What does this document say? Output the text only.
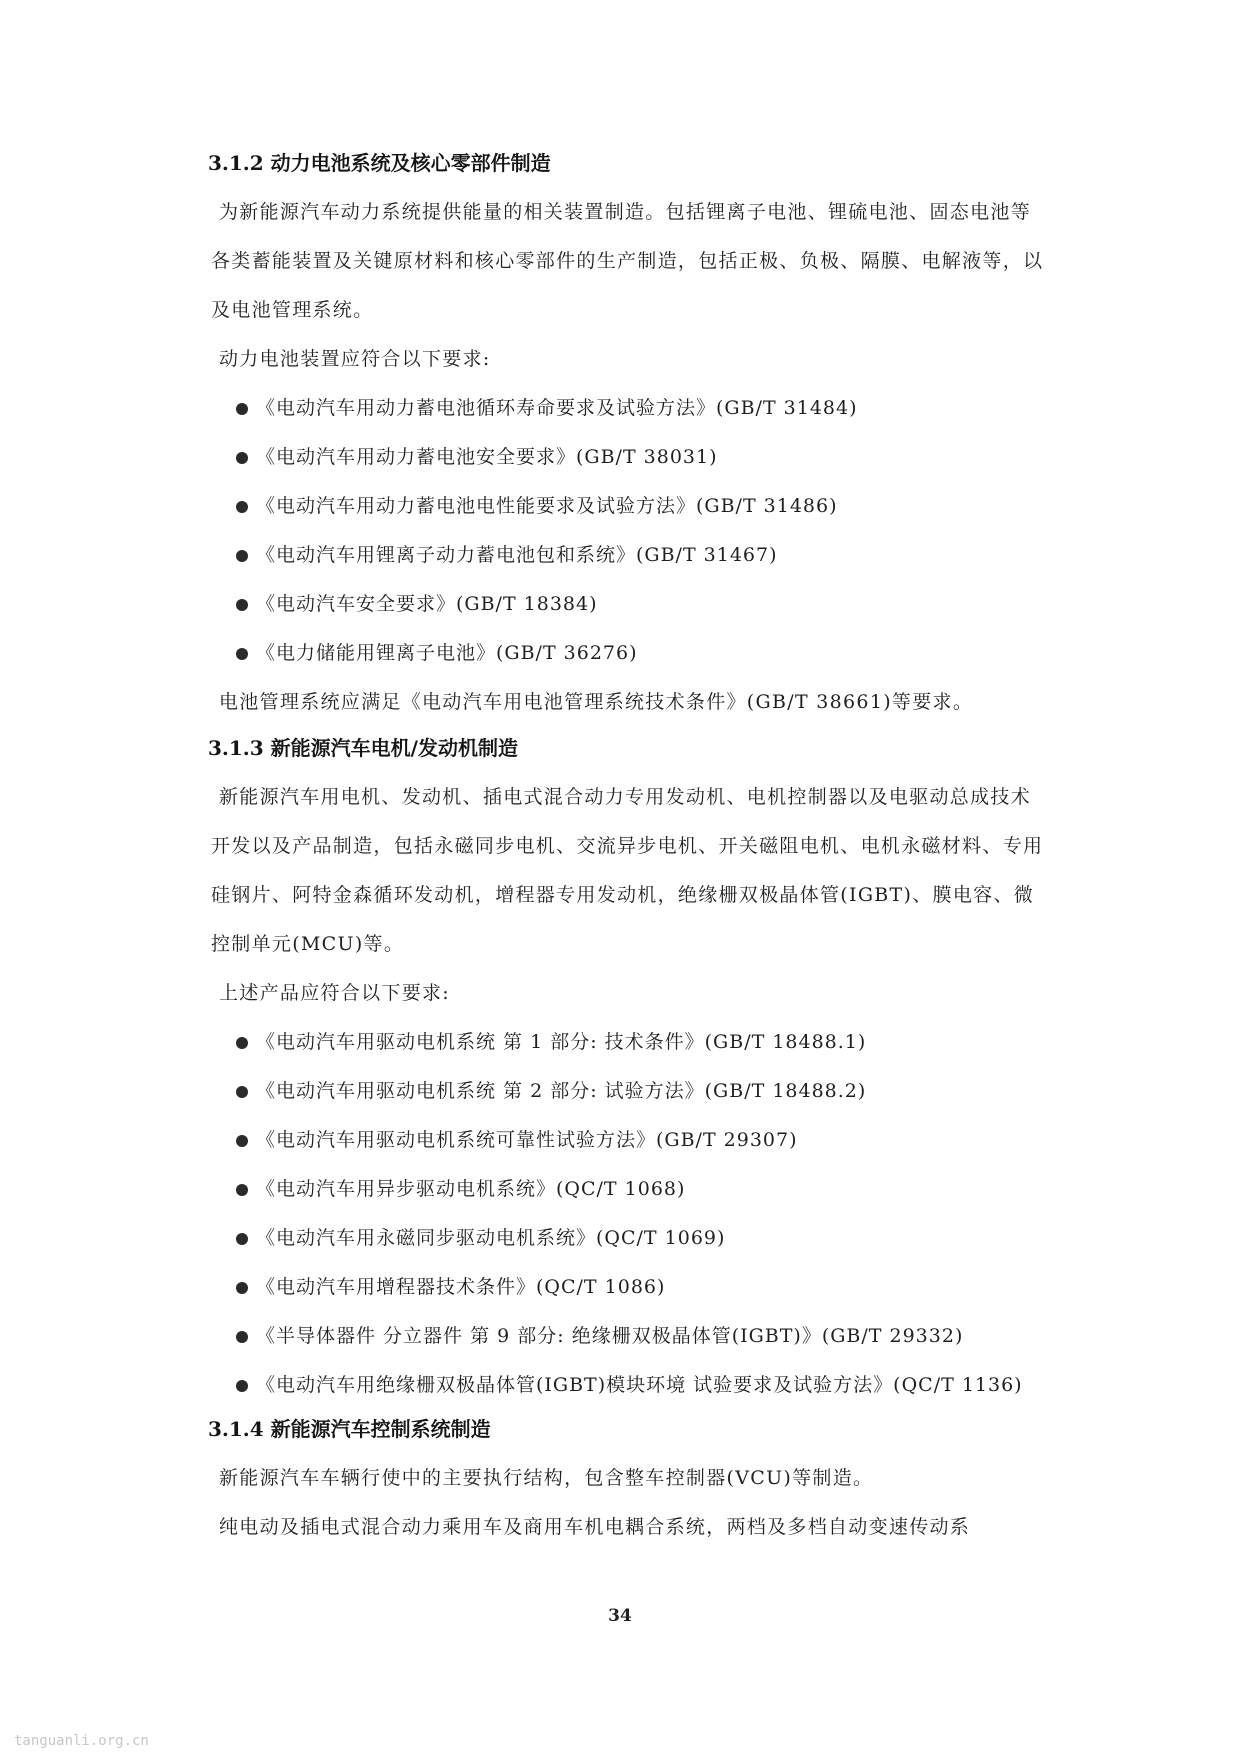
3.1.2 动力电池系统及核心零部件制造

为新能源汽车动力系统提供能量的相关装置制造。包括锂离子电池、锂硫电池、固态电池等各类蓄能装置及关键原材料和核心零部件的生产制造，包括正极、负极、隔膜、电解液等，以及电池管理系统。

动力电池装置应符合以下要求:

《电动汽车用动力蓄电池循环寿命要求及试验方法》(GB/T 31484)
《电动汽车用动力蓄电池安全要求》(GB/T 38031)
《电动汽车用动力蓄电池电性能要求及试验方法》(GB/T 31486)
《电动汽车用锂离子动力蓄电池包和系统》(GB/T 31467)
《电动汽车安全要求》(GB/T 18384)
《电力储能用锂离子电池》(GB/T 36276)

电池管理系统应满足《电动汽车用电池管理系统技术条件》(GB/T 38661)等要求。

3.1.3 新能源汽车电机/发动机制造

新能源汽车用电机、发动机、插电式混合动力专用发动机、电机控制器以及电驱动总成技术开发以及产品制造，包括永磁同步电机、交流异步电机、开关磁阻电机、电机永磁材料、专用硅钢片、阿特金森循环发动机，增程器专用发动机，绝缘栅双极晶体管(IGBT)、膜电容、微控制单元(MCU)等。

上述产品应符合以下要求:

《电动汽车用驱动电机系统 第 1 部分: 技术条件》(GB/T 18488.1)
《电动汽车用驱动电机系统 第 2 部分: 试验方法》(GB/T 18488.2)
《电动汽车用驱动电机系统可靠性试验方法》(GB/T 29307)
《电动汽车用异步驱动电机系统》(QC/T 1068)
《电动汽车用永磁同步驱动电机系统》(QC/T 1069)
《电动汽车用增程器技术条件》(QC/T 1086)
《半导体器件 分立器件 第 9 部分: 绝缘栅双极晶体管(IGBT)》(GB/T 29332)
《电动汽车用绝缘栅双极晶体管(IGBT)模块环境 试验要求及试验方法》(QC/T 1136)
3.1.4 新能源汽车控制系统制造

新能源汽车车辆行使中的主要执行结构，包含整车控制器(VCU)等制造。

纯电动及插电式混合动力乘用车及商用车机电耦合系统，两档及多档自动变速传动系

34
tanguanli.org.cn
